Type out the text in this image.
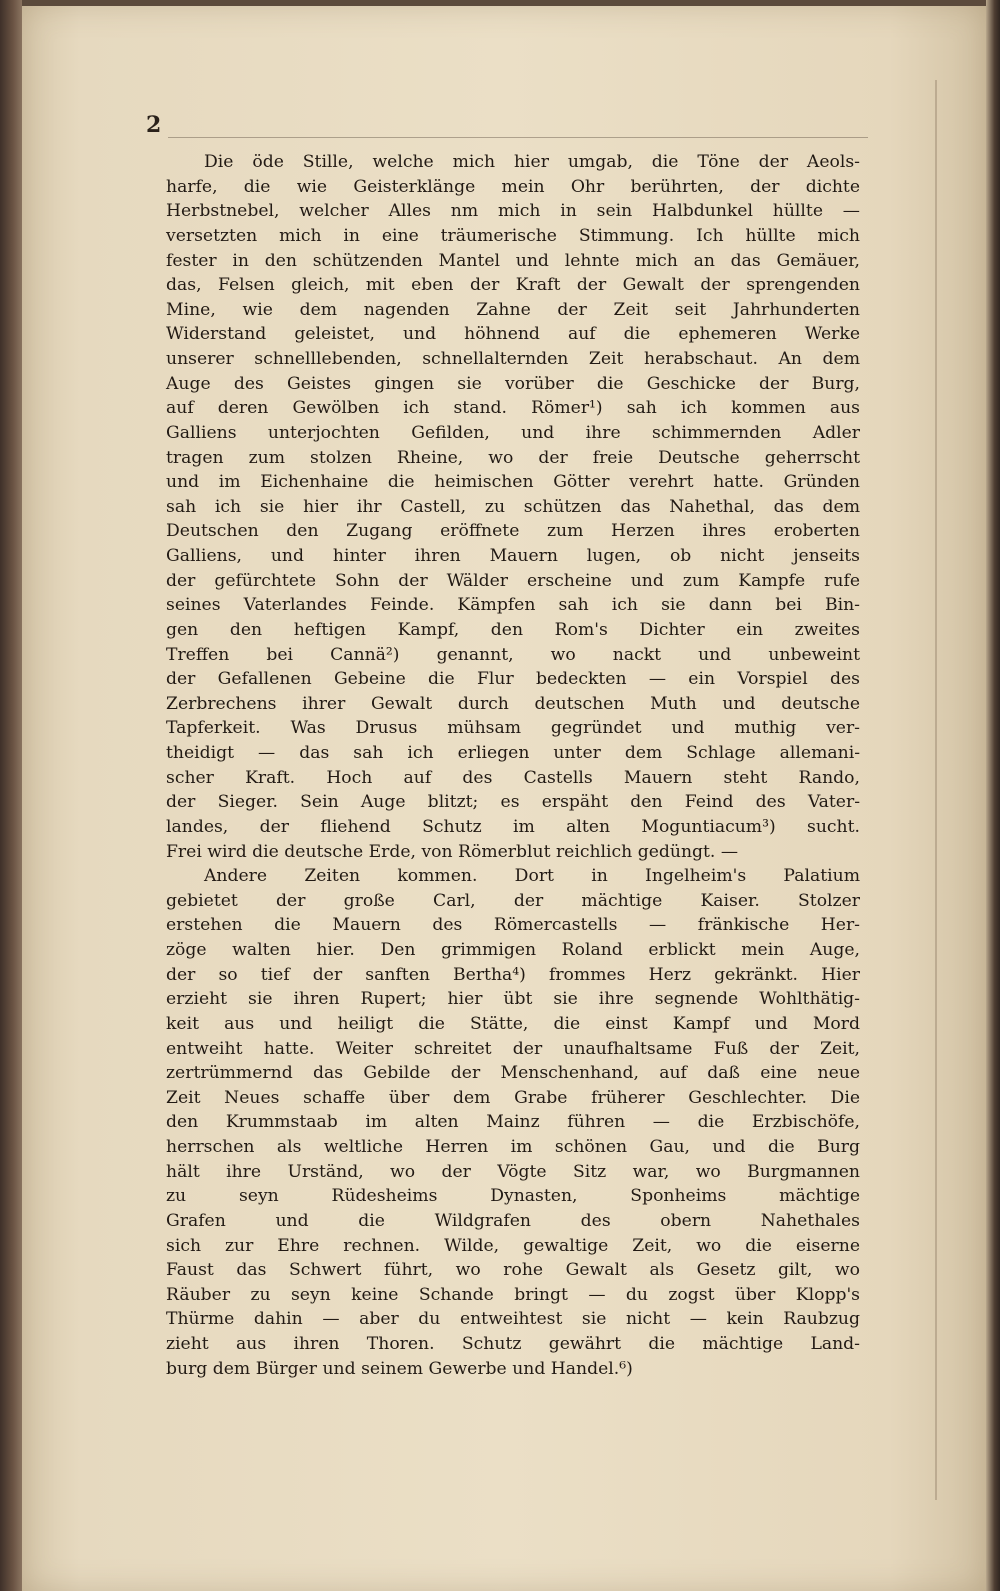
2
Die öde Stille, welche mich hier umgab, die Töne der Aeols-
harfe, die wie Geisterklänge mein Ohr berührten, der dichte
Herbstnebel, welcher Alles nm mich in sein Halbdunkel hüllte —
versetzten mich in eine träumerische Stimmung. Ich hüllte mich
fester in den schützenden Mantel und lehnte mich an das Gemäuer,
das, Felsen gleich, mit eben der Kraft der Gewalt der sprengenden
Mine, wie dem nagenden Zahne der Zeit seit Jahrhunderten
Widerstand geleistet, und höhnend auf die ephemeren Werke
unserer schnelllebenden, schnellalternden Zeit herabschaut. An dem
Auge des Geistes gingen sie vorüber die Geschicke der Burg,
auf deren Gewölben ich stand. Römer¹) sah ich kommen aus
Galliens unterjochten Gefilden, und ihre schimmernden Adler
tragen zum stolzen Rheine, wo der freie Deutsche geherrscht
und im Eichenhaine die heimischen Götter verehrt hatte. Gründen
sah ich sie hier ihr Castell, zu schützen das Nahethal, das dem
Deutschen den Zugang eröffnete zum Herzen ihres eroberten
Galliens, und hinter ihren Mauern lugen, ob nicht jenseits
der gefürchtete Sohn der Wälder erscheine und zum Kampfe rufe
seines Vaterlandes Feinde. Kämpfen sah ich sie dann bei Bin-
gen den heftigen Kampf, den Rom's Dichter ein zweites
Treffen bei Cannä²) genannt, wo nackt und unbeweint
der Gefallenen Gebeine die Flur bedeckten — ein Vorspiel des
Zerbrechens ihrer Gewalt durch deutschen Muth und deutsche
Tapferkeit. Was Drusus mühsam gegründet und muthig ver-
theidigt — das sah ich erliegen unter dem Schlage allemani-
scher Kraft. Hoch auf des Castells Mauern steht Rando,
der Sieger. Sein Auge blitzt; es erspäht den Feind des Vater-
landes, der fliehend Schutz im alten Moguntiacum³) sucht.
Frei wird die deutsche Erde, von Römerblut reichlich gedüngt. —
Andere Zeiten kommen. Dort in Ingelheim's Palatium
gebietet der große Carl, der mächtige Kaiser. Stolzer
erstehen die Mauern des Römercastells — fränkische Her-
zöge walten hier. Den grimmigen Roland erblickt mein Auge,
der so tief der sanften Bertha⁴) frommes Herz gekränkt. Hier
erzieht sie ihren Rupert; hier übt sie ihre segnende Wohlthätig-
keit aus und heiligt die Stätte, die einst Kampf und Mord
entweiht hatte. Weiter schreitet der unaufhaltsame Fuß der Zeit,
zertrümmernd das Gebilde der Menschenhand, auf daß eine neue
Zeit Neues schaffe über dem Grabe früherer Geschlechter. Die
den Krummstaab im alten Mainz führen — die Erzbischöfe,
herrschen als weltliche Herren im schönen Gau, und die Burg
hält ihre Urständ, wo der Vögte Sitz war, wo Burgmannen
zu seyn Rüdesheims Dynasten, Sponheims mächtige
Grafen und die Wildgrafen des obern Nahethales
sich zur Ehre rechnen. Wilde, gewaltige Zeit, wo die eiserne
Faust das Schwert führt, wo rohe Gewalt als Gesetz gilt, wo
Räuber zu seyn keine Schande bringt — du zogst über Klopp's
Thürme dahin — aber du entweihtest sie nicht — kein Raubzug
zieht aus ihren Thoren. Schutz gewährt die mächtige Land-
burg dem Bürger und seinem Gewerbe und Handel.⁶)
